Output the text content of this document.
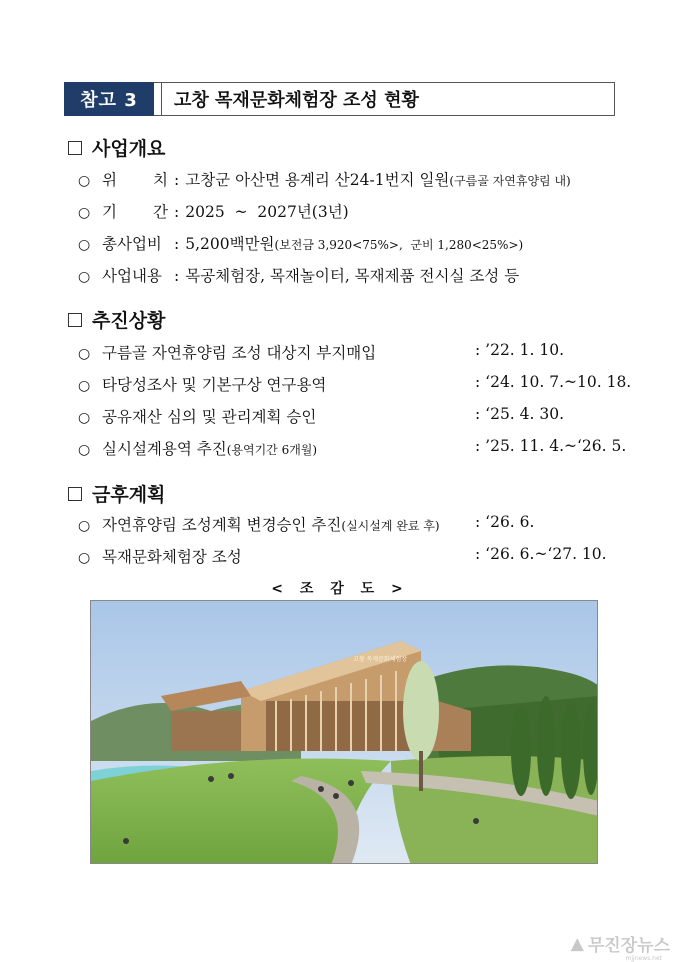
참고 3	고창 목재문화체험장 조성 현황
사업개요
○ 위 치 : 고창군 아산면 용계리 산24-1번지 일원 (구름골 자연휴양림 내)
○ 기 간 : 2025  ~  2027년(3년)
○ 총사업비 : 5,200백만원 (보전금 3,920<75%>,  군비 1,280<25%>)
○ 사업내용 : 목공체험장, 목재놀이터, 목재제품 전시실 조성 등
추진상황
○ 구름골 자연휴양림 조성 대상지 부지매입	: ’22. 1. 10.
○ 타당성조사 및 기본구상 연구용역	: ‘24. 10. 7.~10. 18.
○ 공유재산 심의 및 관리계획 승인	: ‘25. 4. 30.
○ 실시설계용역 추진 (용역기간 6개월)	: ’25. 11. 4.~‘26. 5.
금후계획
○ 자연휴양림 조성계획 변경승인 추진 (실시설계 완료 후) : ‘26. 6.
○ 목재문화체험장 조성	: ‘26. 6.~‘27. 10.
< 조 감 도 >
고창 목재문화체험장
▲ 무진장뉴스
mjjnews.net
